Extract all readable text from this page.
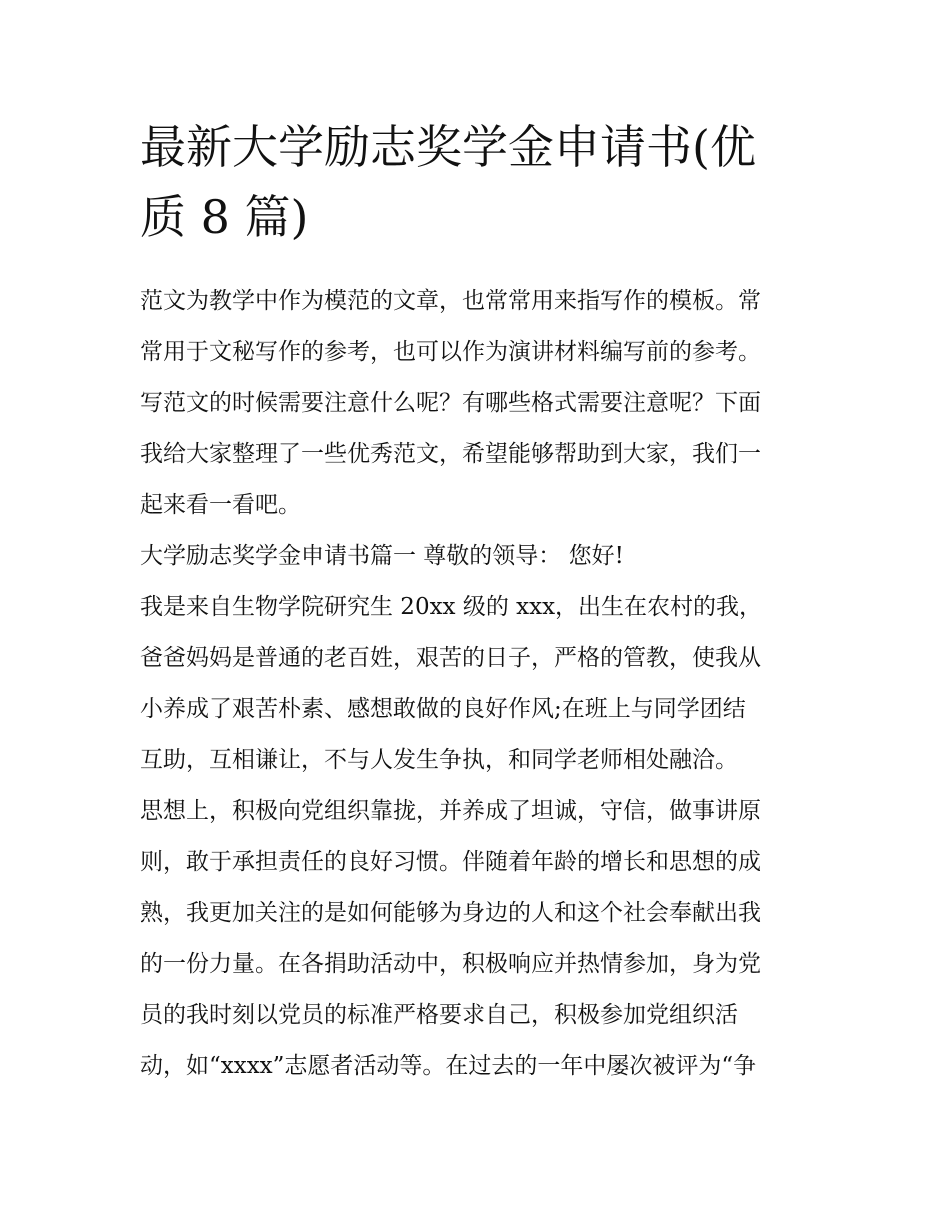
最新大学励志奖学金申请书(优
质 8 篇)
范文为教学中作为模范的文章，也常常用来指写作的模板。常
常用于文秘写作的参考，也可以作为演讲材料编写前的参考。
写范文的时候需要注意什么呢？有哪些格式需要注意呢？下面
我给大家整理了一些优秀范文，希望能够帮助到大家，我们一
起来看一看吧。
大学励志奖学金申请书篇一 尊敬的领导： 您好!
我是来自生物学院研究生 20xx 级的 xxx，出生在农村的我，
爸爸妈妈是普通的老百姓，艰苦的日子，严格的管教，使我从
小养成了艰苦朴素、感想敢做的良好作风;在班上与同学团结
互助，互相谦让，不与人发生争执，和同学老师相处融洽。
思想上，积极向党组织靠拢，并养成了坦诚，守信，做事讲原
则，敢于承担责任的良好习惯。伴随着年龄的增长和思想的成
熟，我更加关注的是如何能够为身边的人和这个社会奉献出我
的一份力量。在各捐助活动中，积极响应并热情参加，身为党
员的我时刻以党员的标准严格要求自己，积极参加党组织活
动，如“xxxx”志愿者活动等。在过去的一年中屡次被评为“争
